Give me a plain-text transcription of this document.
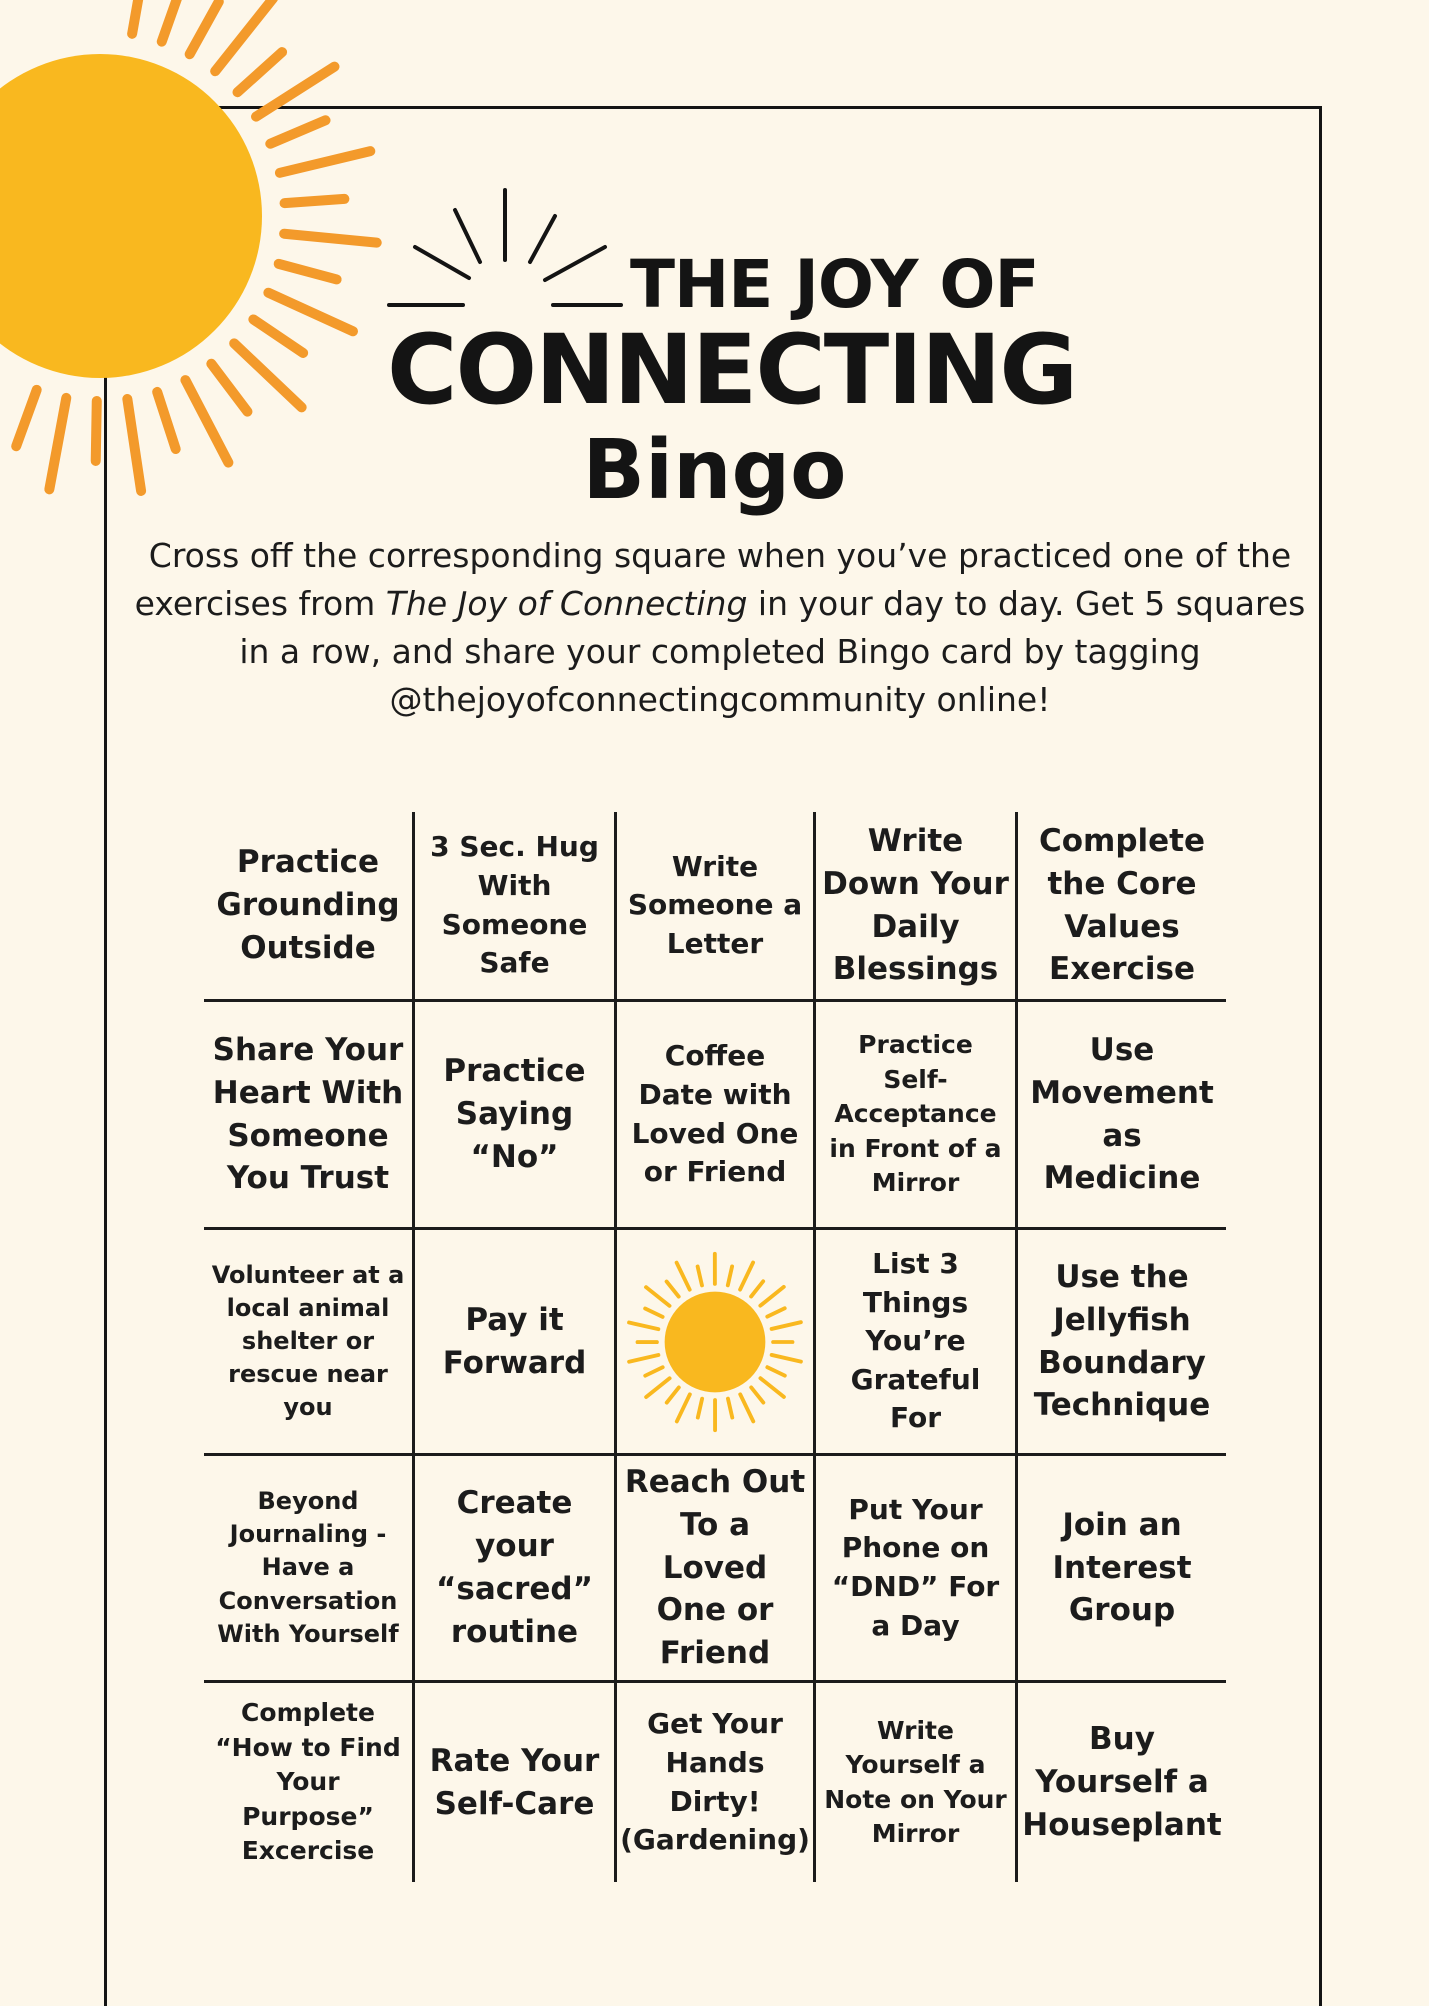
THE JOY OF
CONNECTING
Bingo
Cross off the corresponding square when you’ve practiced one of the exercises from The Joy of Connecting in your day to day. Get 5 squares in a row, and share your completed Bingo card by tagging @thejoyofconnectingcommunity online!
Practice Grounding Outside
3 Sec. Hug With Someone Safe
Write Someone a Letter
Write Down Your Daily Blessings
Complete the Core Values Exercise
Share Your Heart With Someone You Trust
Practice Saying “No”
Coffee Date with Loved One or Friend
Practice Self-Acceptance in Front of a Mirror
Use Movement as Medicine
Volunteer at a local animal shelter or rescue near you
Pay it Forward
List 3 Things You’re Grateful For
Use the Jellyfish Boundary Technique
Beyond Journaling - Have a Conversation With Yourself
Create your “sacred” routine
Reach Out To a Loved One or Friend
Put Your Phone on “DND” For a Day
Join an Interest Group
Complete “How to Find Your Purpose” Excercise
Rate Your Self-Care
Get Your Hands Dirty! (Gardening)
Write Yourself a Note on Your Mirror
Buy Yourself a Houseplant
